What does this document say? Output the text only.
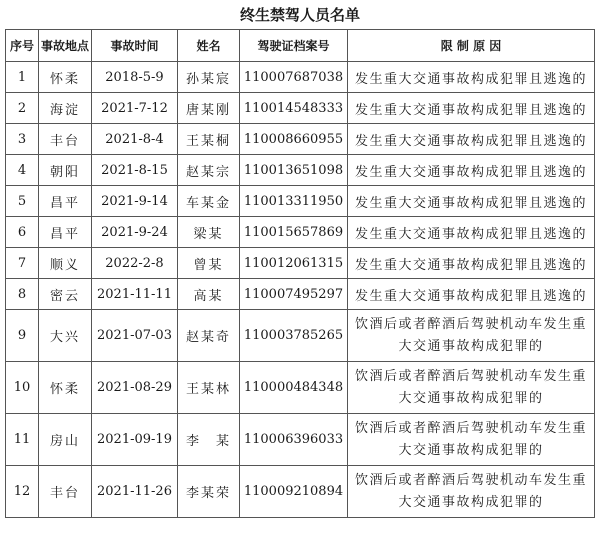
终生禁驾人员名单
序号	事故地点	事故时间	姓名	驾驶证档案号	限 制 原 因
1	怀柔	2018-5-9	孙某宸	110007687038	发生重大交通事故构成犯罪且逃逸的
2	海淀	2021-7-12	唐某刚	110014548333	发生重大交通事故构成犯罪且逃逸的
3	丰台	2021-8-4	王某桐	110008660955	发生重大交通事故构成犯罪且逃逸的
4	朝阳	2021-8-15	赵某宗	110013651098	发生重大交通事故构成犯罪且逃逸的
5	昌平	2021-9-14	车某金	110013311950	发生重大交通事故构成犯罪且逃逸的
6	昌平	2021-9-24	梁某	110015657869	发生重大交通事故构成犯罪且逃逸的
7	顺义	2022-2-8	曾某	110012061315	发生重大交通事故构成犯罪且逃逸的
8	密云	2021-11-11	高某	110007495297	发生重大交通事故构成犯罪且逃逸的
9	大兴	2021-07-03	赵某奇	110003785265	饮酒后或者醉酒后驾驶机动车发生重
大交通事故构成犯罪的

10	怀柔	2021-08-29	王某林	110000484348	饮酒后或者醉酒后驾驶机动车发生重
大交通事故构成犯罪的

11	房山	2021-09-19	李　某	110006396033	饮酒后或者醉酒后驾驶机动车发生重
大交通事故构成犯罪的

12	丰台	2021-11-26	李某荣	110009210894	饮酒后或者醉酒后驾驶机动车发生重
大交通事故构成犯罪的
